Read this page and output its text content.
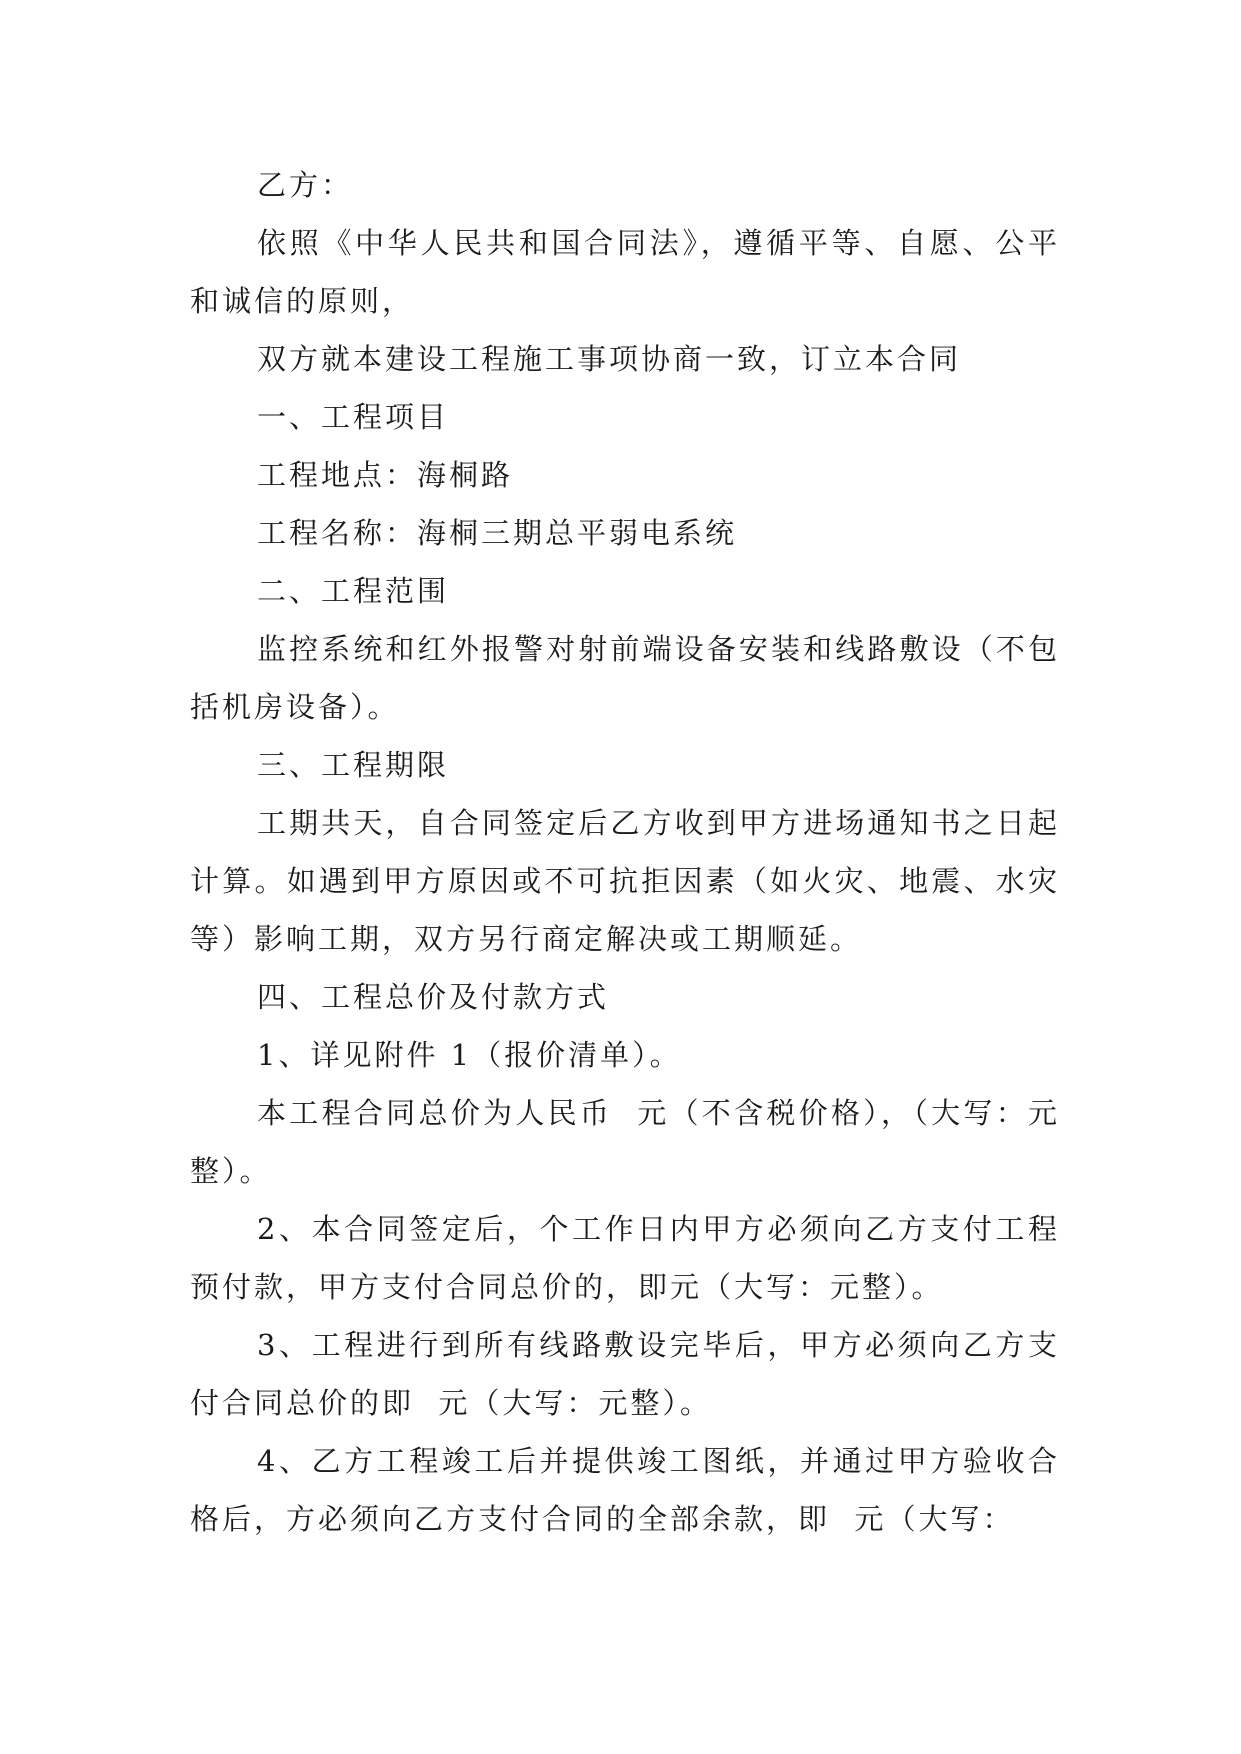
乙方：

依照《中华人民共和国合同法》，遵循平等、自愿、公平和诚信的原则，

双方就本建设工程施工事项协商一致，订立本合同

一、工程项目

工程地点：海桐路

工程名称：海桐三期总平弱电系统

二、工程范围

监控系统和红外报警对射前端设备安装和线路敷设（不包括机房设备）。

三、工程期限

工期共天，自合同签定后乙方收到甲方进场通知书之日起计算。如遇到甲方原因或不可抗拒因素（如火灾、地震、水灾等）影响工期，双方另行商定解决或工期顺延。

四、工程总价及付款方式

1、详见附件 1（报价清单）。

本工程合同总价为人民币  元（不含税价格），（大写：元整）。

2、本合同签定后，个工作日内甲方必须向乙方支付工程预付款，甲方支付合同总价的，即元（大写：元整）。

3、工程进行到所有线路敷设完毕后，甲方必须向乙方支付合同总价的即  元（大写：元整）。

4、乙方工程竣工后并提供竣工图纸，并通过甲方验收合格后，方必须向乙方支付合同的全部余款，即  元（大写：
